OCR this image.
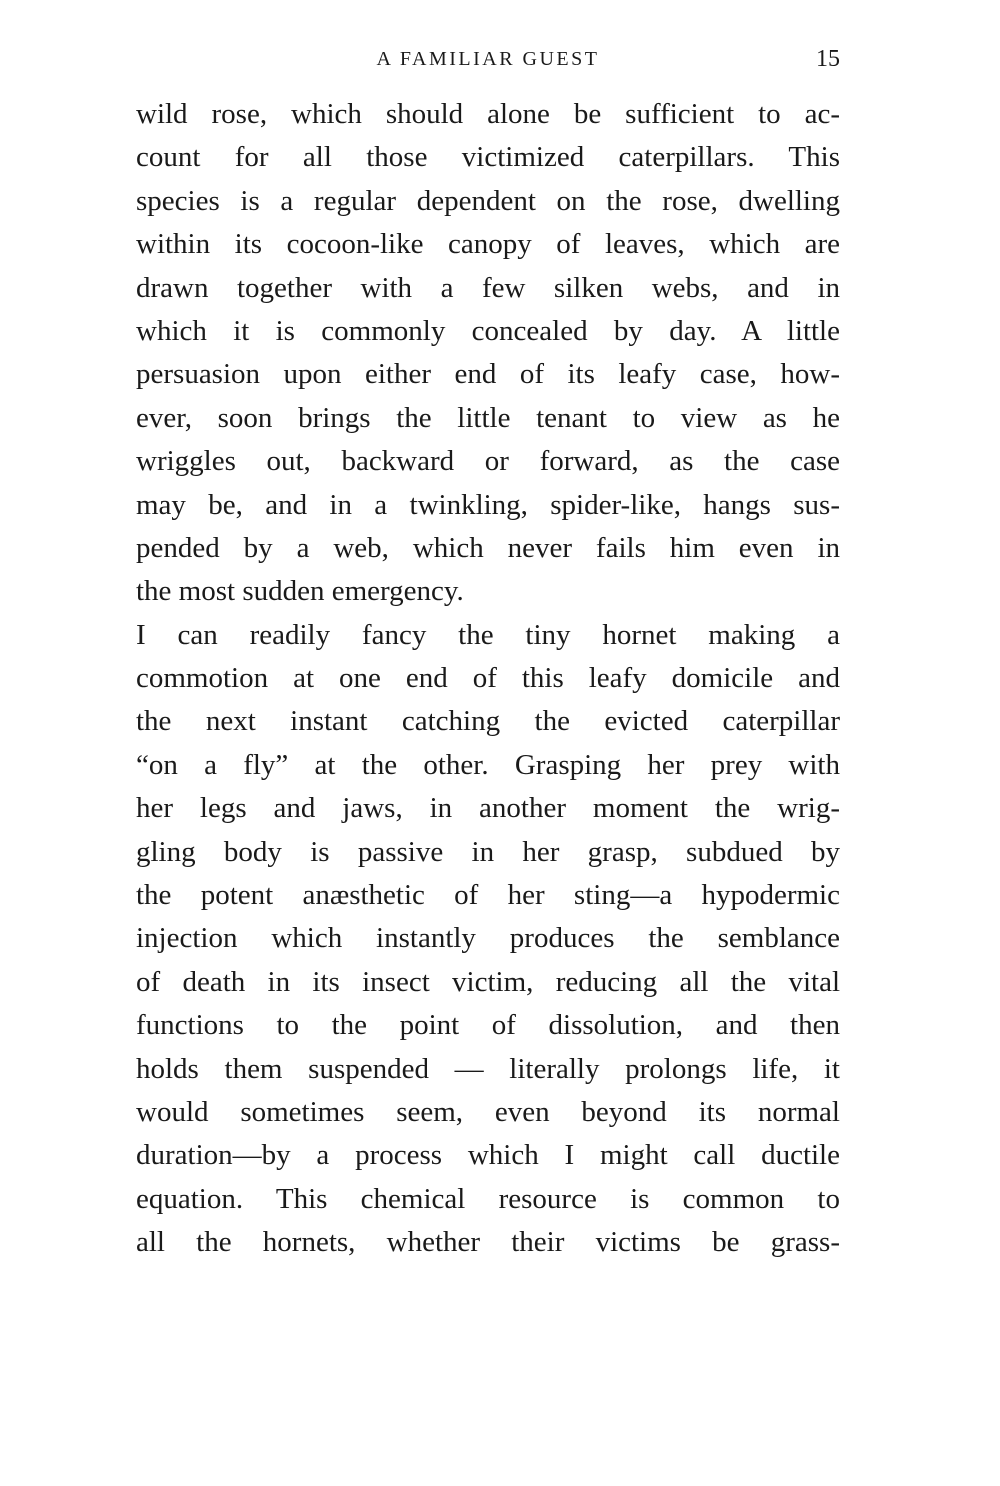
A FAMILIAR GUEST	15
wild rose, which should alone be sufficient to ac-
count for all those victimized caterpillars. This
species is a regular dependent on the rose, dwelling
within its cocoon-like canopy of leaves, which are
drawn together with a few silken webs, and in
which it is commonly concealed by day. A little
persuasion upon either end of its leafy case, how-
ever, soon brings the little tenant to view as he
wriggles out, backward or forward, as the case
may be, and in a twinkling, spider-like, hangs sus-
pended by a web, which never fails him even in
the most sudden emergency.
I can readily fancy the tiny hornet making a
commotion at one end of this leafy domicile and
the next instant catching the evicted caterpillar
“on a fly” at the other. Grasping her prey with
her legs and jaws, in another moment the wrig-
gling body is passive in her grasp, subdued by
the potent anæsthetic of her sting—a hypodermic
injection which instantly produces the semblance
of death in its insect victim, reducing all the vital
functions to the point of dissolution, and then
holds them suspended — literally prolongs life, it
would sometimes seem, even beyond its normal
duration—by a process which I might call ductile
equation. This chemical resource is common to
all the hornets, whether their victims be grass-
